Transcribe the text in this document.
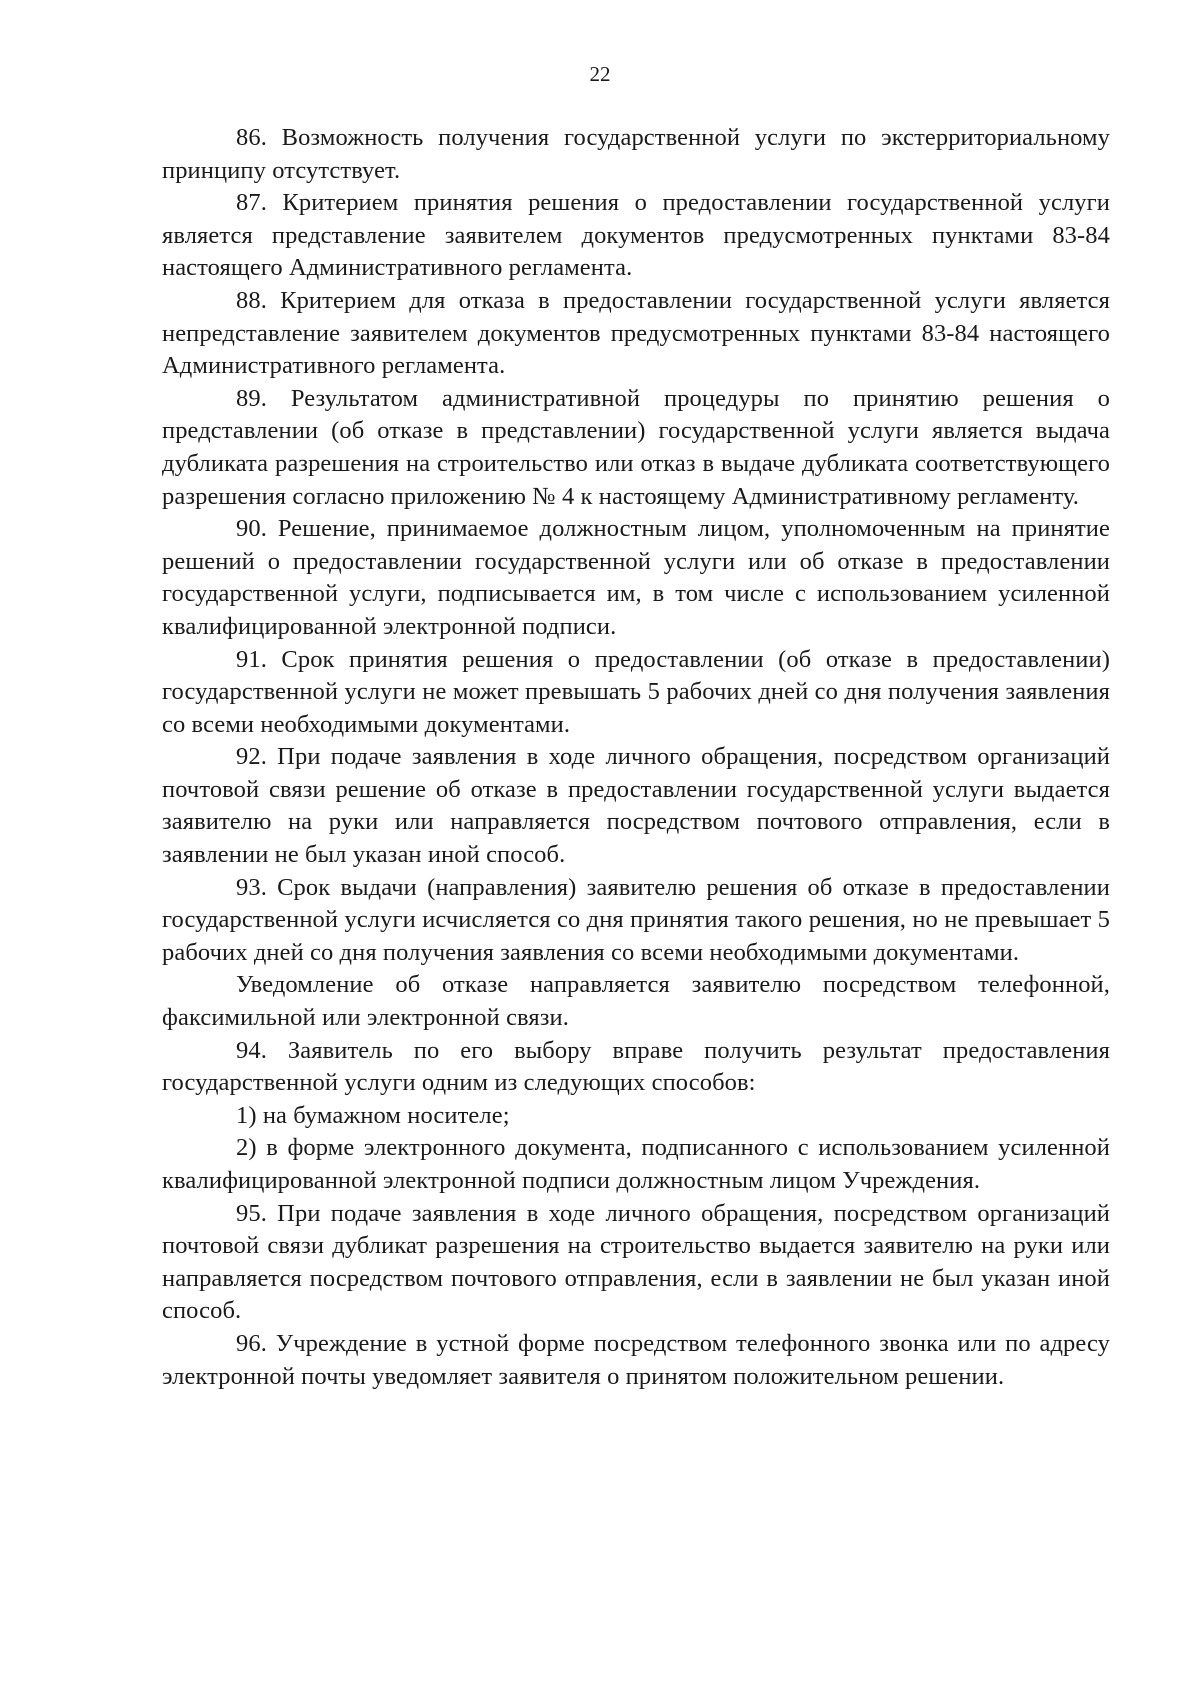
22

86. Возможность получения государственной услуги по экстерриториальному принципу отсутствует.

87. Критерием принятия решения о предоставлении государственной услуги является представление заявителем документов предусмотренных пунктами 83-84 настоящего Административного регламента.

88. Критерием для отказа в предоставлении государственной услуги является непредставление заявителем документов предусмотренных пунктами 83-84 настоящего Административного регламента.

89. Результатом административной процедуры по принятию решения о представлении (об отказе в представлении) государственной услуги является выдача дубликата разрешения на строительство или отказ в выдаче дубликата соответствующего разрешения согласно приложению № 4 к настоящему Административному регламенту.

90. Решение, принимаемое должностным лицом, уполномоченным на принятие решений о предоставлении государственной услуги или об отказе в предоставлении государственной услуги, подписывается им, в том числе с использованием усиленной квалифицированной электронной подписи.

91. Срок принятия решения о предоставлении (об отказе в предоставлении) государственной услуги не может превышать 5 рабочих дней со дня получения заявления со всеми необходимыми документами.

92. При подаче заявления в ходе личного обращения, посредством организаций почтовой связи решение об отказе в предоставлении государственной услуги выдается заявителю на руки или направляется посредством почтового отправления, если в заявлении не был указан иной способ.

93. Срок выдачи (направления) заявителю решения об отказе в предоставлении государственной услуги исчисляется со дня принятия такого решения, но не превышает 5 рабочих дней со дня получения заявления со всеми необходимыми документами.

Уведомление об отказе направляется заявителю посредством телефонной, факсимильной или электронной связи.

94. Заявитель по его выбору вправе получить результат предоставления государственной услуги одним из следующих способов:

1) на бумажном носителе;

2) в форме электронного документа, подписанного с использованием усиленной квалифицированной электронной подписи должностным лицом Учреждения.

95. При подаче заявления в ходе личного обращения, посредством организаций почтовой связи дубликат разрешения на строительство выдается заявителю на руки или направляется посредством почтового отправления, если в заявлении не был указан иной способ.

96. Учреждение в устной форме посредством телефонного звонка или по адресу электронной почты уведомляет заявителя о принятом положительном решении.
